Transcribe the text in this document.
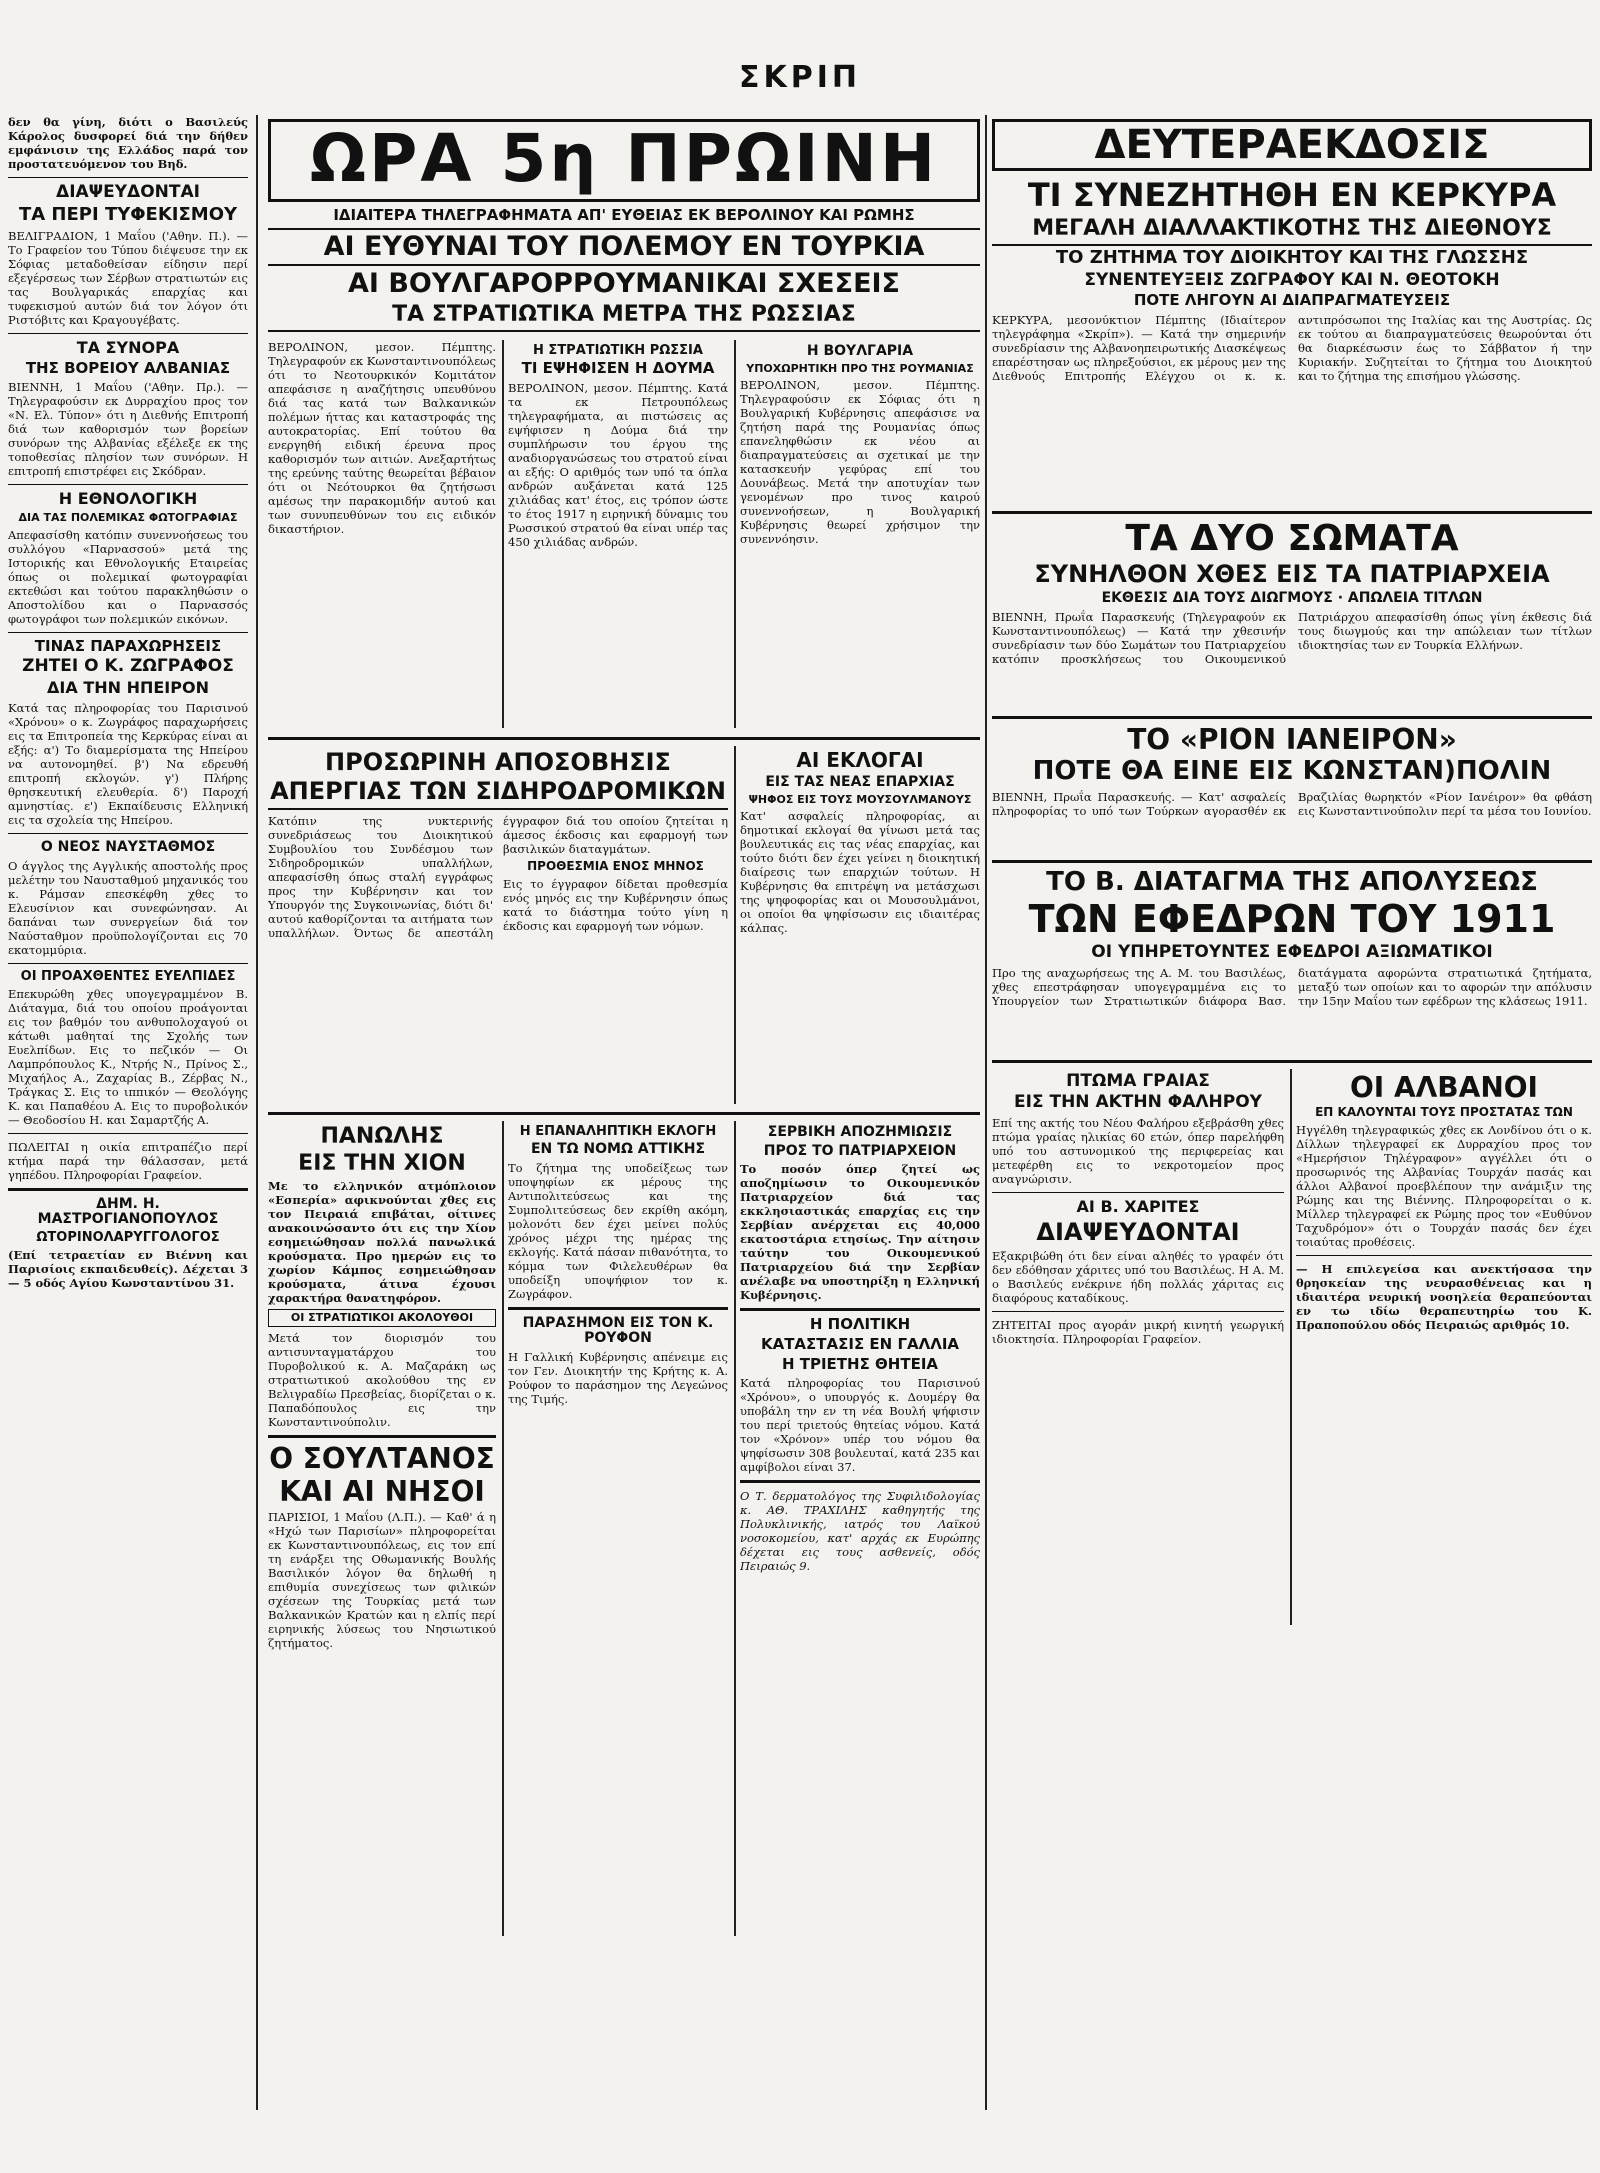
ΣΚΡΙΠ

δεν θα γίνη, διότι ο Βασιλεύς Κάρολος δυσφορεί διά την δήθεν εμφάνισιν της Ελλάδος παρά τον προστατευόμενον του Βηδ.

ΔΙΑΨΕΥΔΟΝΤΑΙ
ΤΑ ΠΕΡΙ ΤΥΦΕΚΙΣΜΟΥ

ΒΕΛΙΓΡΑΔΙΟΝ, 1 Μαΐου ('Αθην. Π.). — Το Γραφείον του Τύπου διέψευσε την εκ Σόφιας μεταδοθείσαν είδησιν περί εξεγέρσεως των Σέρβων στρατιωτών εις τας Βουλγαρικάς επαρχίας και τυφεκισμού αυτών διά τον λόγον ότι Ριστόβιτς και Κραγουγέβατς.

ΤΑ ΣΥΝΟΡΑ
ΤΗΣ ΒΟΡΕΙΟΥ ΑΛΒΑΝΙΑΣ

ΒΙΕΝΝΗ, 1 Μαΐου ('Αθην. Πρ.). — Τηλεγραφούσιν εκ Δυρραχίου προς τον «Ν. Ελ. Τύπον» ότι η Διεθνής Επιτροπή διά των καθορισμόν των βορείων συνόρων της Αλβανίας εξέλεξε εκ της τοποθεσίας πλησίον των συνόρων. Η επιτροπή επιστρέφει εις Σκόδραν.

Η ΕΘΝΟΛΟΓΙΚΗ
ΔΙΑ ΤΑΣ ΠΟΛΕΜΙΚΑΣ ΦΩΤΟΓΡΑΦΙΑΣ

Απεφασίσθη κατόπιν συνεννοήσεως του συλλόγου «Παρνασσού» μετά της Ιστορικής και Εθνολογικής Εταιρείας όπως οι πολεμικαί φωτογραφίαι εκτεθώσι και τούτου παρακληθώσιν ο Αποστολίδου και ο Παρνασσός φωτογράφοι των πολεμικών εικόνων.

ΤΙΝΑΣ ΠΑΡΑΧΩΡΗΣΕΙΣ
ΖΗΤΕΙ Ο Κ. ΖΩΓΡΑΦΟΣ
ΔΙΑ ΤΗΝ ΗΠΕΙΡΟΝ

Κατά τας πληροφορίας του Παρισινού «Χρόνου» ο κ. Ζωγράφος παραχωρήσεις εις τα Επιτροπεία της Κερκύρας είναι αι εξής: α') Το διαμερίσματα της Ηπείρου να αυτονομηθεί. β') Να εδρευθή επιτροπή εκλογών. γ') Πλήρης θρησκευτική ελευθερία. δ') Παροχή αμνηστίας. ε') Εκπαίδευσις Ελληνική εις τα σχολεία της Ηπείρου.

Ο ΝΕΟΣ ΝΑΥΣΤΑΘΜΟΣ

Ο άγγλος της Αγγλικής αποστολής προς μελέτην του Ναυσταθμού μηχανικός του κ. Ράμσαν επεσκέφθη χθες το Ελευσίνιον και συνεφώνησαν. Αι δαπάναι των συνεργείων διά τον Ναύσταθμον προϋπολογίζονται εις 70 εκατομμύρια.

ΟΙ ΠΡΟΑΧΘΕΝΤΕΣ ΕΥΕΛΠΙΔΕΣ

Επεκυρώθη χθες υπογεγραμμένον Β. Διάταγμα, διά του οποίου προάγονται εις τον βαθμόν του ανθυπολοχαγού οι κάτωθι μαθηταί της Σχολής των Ευελπίδων. Εις το πεζικόν — Οι Λαμπρόπουλος Κ., Ντρής Ν., Πρίνος Σ., Μιχαήλος Α., Ζαχαρίας Β., Ζέρβας Ν., Τράγκας Σ. Εις το ιππικόν — Θεολόγης Κ. και Παπαθέου Α. Εις το πυροβολικόν — Θεοδοσίου Η. και Σαμαρτζής Α.

ΠΩΛΕΙΤΑΙ η οικία επιτραπέζιο περί κτήμα παρά την θάλασσαν, μετά γηπέδου. Πληροφορίαι Γραφείον.

ΔΗΜ. Η. ΜΑΣΤΡΟΓΙΑΝΟΠΟΥΛΟΣ
ΩΤΟΡΙΝΟΛΑΡΥΓΓΟΛΟΓΟΣ

(Επί τετραετίαν εν Βιέννη και Παρισίοις εκπαιδευθείς). Δέχεται 3 — 5 οδός Αγίου Κωνσταντίνου 31.

ΩΡΑ 5η ΠΡΩΙΝΗ
ΙΔΙΑΙΤΕΡΑ ΤΗΛΕΓΡΑΦΗΜΑΤΑ ΑΠ' ΕΥΘΕΙΑΣ ΕΚ ΒΕΡΟΛΙΝΟΥ ΚΑΙ ΡΩΜΗΣ
ΑΙ ΕΥΘΥΝΑΙ ΤΟΥ ΠΟΛΕΜΟΥ ΕΝ ΤΟΥΡΚΙΑ
ΑΙ ΒΟΥΛΓΑΡΟΡΡΟΥΜΑΝΙΚΑΙ ΣΧΕΣΕΙΣ
ΤΑ ΣΤΡΑΤΙΩΤΙΚΑ ΜΕΤΡΑ ΤΗΣ ΡΩΣΣΙΑΣ

ΒΕΡΟΛΙΝΟΝ, μεσον. Πέμπτης. Τηλεγραφούν εκ Κωνσταντινουπόλεως ότι το Νεοτουρκικόν Κομιτάτον απεφάσισε η αναζήτησις υπευθύνου διά τας κατά των Βαλκανικών πολέμων ήττας και καταστροφάς της αυτοκρατορίας. Επί τούτου θα ενεργηθή ειδική έρευνα προς καθορισμόν των αιτιών. Ανεξαρτήτως της ερεύνης ταύτης θεωρείται βέβαιον ότι οι Νεότουρκοι θα ζητήσωσι αμέσως την παρακομιδήν αυτού και των συνυπευθύνων του εις ειδικόν δικαστήριον.

Η ΣΤΡΑΤΙΩΤΙΚΗ ΡΩΣΣΙΑ
ΤΙ ΕΨΗΦΙΣΕΝ Η ΔΟΥΜΑ

ΒΕΡΟΛΙΝΟΝ, μεσον. Πέμπτης. Κατά τα εκ Πετρουπόλεως τηλεγραφήματα, αι πιστώσεις ας εψήφισεν η Δούμα διά την συμπλήρωσιν του έργου της αναδιοργανώσεως του στρατού είναι αι εξής: Ο αριθμός των υπό τα όπλα ανδρών αυξάνεται κατά 125 χιλιάδας κατ' έτος, εις τρόπον ώστε το έτος 1917 η ειρηνική δύναμις του Ρωσσικού στρατού θα είναι υπέρ τας 450 χιλιάδας ανδρών.

Η ΒΟΥΛΓΑΡΙΑ
ΥΠΟΧΩΡΗΤΙΚΗ ΠΡΟ ΤΗΣ ΡΟΥΜΑΝΙΑΣ

ΒΕΡΟΛΙΝΟΝ, μεσον. Πέμπτης. Τηλεγραφούσιν εκ Σόφιας ότι η Βουλγαρική Κυβέρνησις απεφάσισε να ζητήση παρά της Ρουμανίας όπως επανεληφθώσιν εκ νέου αι διαπραγματεύσεις αι σχετικαί με την κατασκευήν γεφύρας επί του Δουνάβεως. Μετά την αποτυχίαν των γενομένων προ τινος καιρού συνεννοήσεων, η Βουλγαρική Κυβέρνησις θεωρεί χρήσιμον την συνεννόησιν.

ΠΡΟΣΩΡΙΝΗ ΑΠΟΣΟΒΗΣΙΣ
ΑΠΕΡΓΙΑΣ ΤΩΝ ΣΙΔΗΡΟΔΡΟΜΙΚΩΝ

Κατόπιν της νυκτερινής συνεδριάσεως του Διοικητικού Συμβουλίου του Συνδέσμου των Σιδηροδρομικών υπαλλήλων, απεφασίσθη όπως σταλή εγγράφως προς την Κυβέρνησιν και τον Υπουργόν της Συγκοινωνίας, διότι δι' αυτού καθορίζονται τα αιτήματα των υπαλλήλων. Όντως δε απεστάλη έγγραφον διά του οποίου ζητείται η άμεσος έκδοσις και εφαρμογή των βασιλικών διαταγμάτων.

ΠΡΟΘΕΣΜΙΑ ΕΝΟΣ ΜΗΝΟΣ

Εις το έγγραφον δίδεται προθεσμία ενός μηνός εις την Κυβέρνησιν όπως κατά το διάστημα τούτο γίνη η έκδοσις και εφαρμογή των νόμων.

ΑΙ ΕΚΛΟΓΑΙ
ΕΙΣ ΤΑΣ ΝΕΑΣ ΕΠΑΡΧΙΑΣ
ΨΗΦΟΣ ΕΙΣ ΤΟΥΣ ΜΟΥΣΟΥΛΜΑΝΟΥΣ

Κατ' ασφαλείς πληροφορίας, αι δημοτικαί εκλογαί θα γίνωσι μετά τας βουλευτικάς εις τας νέας επαρχίας, και τούτο διότι δεν έχει γείνει η διοικητική διαίρεσις των επαρχιών τούτων. Η Κυβέρνησις θα επιτρέψη να μετάσχωσι της ψηφοφορίας και οι Μουσουλμάνοι, οι οποίοι θα ψηφίσωσιν εις ιδιαιτέρας κάλπας.

ΠΑΝΩΛΗΣ
ΕΙΣ ΤΗΝ ΧΙΟΝ

Με το ελληνικόν ατμόπλοιον «Εσπερία» αφικνούνται χθες εις τον Πειραιά επιβάται, οίτινες ανακοινώσαντο ότι εις την Χίον εσημειώθησαν πολλά πανωλικά κρούσματα. Προ ημερών εις το χωρίον Κάμπος εσημειώθησαν κρούσματα, άτινα έχουσι χαρακτήρα θανατηφόρον.

ΟΙ ΣΤΡΑΤΙΩΤΙΚΟΙ ΑΚΟΛΟΥΘΟΙ

Μετά τον διορισμόν του αντισυνταγματάρχου του Πυροβολικού κ. Α. Μαζαράκη ως στρατιωτικού ακολούθου της εν Βελιγραδίω Πρεσβείας, διορίζεται ο κ. Παπαδόπουλος εις την Κωνσταντινούπολιν.

Ο ΣΟΥΛΤΑΝΟΣ
ΚΑΙ ΑΙ ΝΗΣΟΙ

ΠΑΡΙΣΙΟΙ, 1 Μαΐου (Λ.Π.). — Καθ' ά η «Ηχώ των Παρισίων» πληροφορείται εκ Κωνσταντινουπόλεως, εις τον επί τη ενάρξει της Οθωμανικής Βουλής Βασιλικόν λόγον θα δηλωθή η επιθυμία συνεχίσεως των φιλικών σχέσεων της Τουρκίας μετά των Βαλκανικών Κρατών και η ελπίς περί ειρηνικής λύσεως του Νησιωτικού ζητήματος.

Η ΕΠΑΝΑΛΗΠΤΙΚΗ ΕΚΛΟΓΗ
ΕΝ ΤΩ ΝΟΜΩ ΑΤΤΙΚΗΣ

Το ζήτημα της υποδείξεως των υποψηφίων εκ μέρους της Αντιπολιτεύσεως και της Συμπολιτεύσεως δεν εκρίθη ακόμη, μολονότι δεν έχει μείνει πολύς χρόνος μέχρι της ημέρας της εκλογής. Κατά πάσαν πιθανότητα, το κόμμα των Φιλελευθέρων θα υποδείξη υποψήφιον τον κ. Ζωγράφον.

ΠΑΡΑΣΗΜΟΝ ΕΙΣ ΤΟΝ Κ. ΡΟΥΦΟΝ

Η Γαλλική Κυβέρνησις απένειμε εις τον Γεν. Διοικητήν της Κρήτης κ. Α. Ρούφον το παράσημον της Λεγεώνος της Τιμής.

ΣΕΡΒΙΚΗ ΑΠΟΖΗΜΙΩΣΙΣ
ΠΡΟΣ ΤΟ ΠΑΤΡΙΑΡΧΕΙΟΝ

Το ποσόν όπερ ζητεί ως αποζημίωσιν το Οικουμενικόν Πατριαρχείον διά τας εκκλησιαστικάς επαρχίας εις την Σερβίαν ανέρχεται εις 40,000 εκατοστάρια ετησίως. Την αίτησιν ταύτην του Οικουμενικού Πατριαρχείου διά την Σερβίαν ανέλαβε να υποστηρίξη η Ελληνική Κυβέρνησις.

Η ΠΟΛΙΤΙΚΗ
ΚΑΤΑΣΤΑΣΙΣ ΕΝ ΓΑΛΛΙΑ
Η ΤΡΙΕΤΗΣ ΘΗΤΕΙΑ

Κατά πληροφορίας του Παρισινού «Χρόνου», ο υπουργός κ. Δουμέργ θα υποβάλη την εν τη νέα Βουλή ψήφισιν του περί τριετούς θητείας νόμου. Κατά τον «Χρόνον» υπέρ του νόμου θα ψηφίσωσιν 308 βουλευταί, κατά 235 και αμφίβολοι είναι 37.

Ο Τ. δερματολόγος της Συφιλιδολογίας κ. ΑΘ. ΤΡΑΧΙΛΗΣ καθηγητής της Πολυκλινικής, ιατρός του Λαϊκού νοσοκομείου, κατ' αρχάς εκ Ευρώπης δέχεται εις τους ασθενείς, οδός Πειραιώς 9.

ΔΕΥΤΕΡΑΕΚΔΟΣΙΣ
ΤΙ ΣΥΝΕΖΗΤΗΘΗ ΕΝ ΚΕΡΚΥΡΑ
ΜΕΓΑΛΗ ΔΙΑΛΛΑΚΤΙΚΟΤΗΣ ΤΗΣ ΔΙΕΘΝΟΥΣ
ΤΟ ΖΗΤΗΜΑ ΤΟΥ ΔΙΟΙΚΗΤΟΥ ΚΑΙ ΤΗΣ ΓΛΩΣΣΗΣ
ΣΥΝΕΝΤΕΥΞΕΙΣ ΖΩΓΡΑΦΟΥ ΚΑΙ Ν. ΘΕΟΤΟΚΗ
ΠΟΤΕ ΛΗΓΟΥΝ ΑΙ ΔΙΑΠΡΑΓΜΑΤΕΥΣΕΙΣ

ΚΕΡΚΥΡΑ, μεσονύκτιον Πέμπτης (Ιδιαίτερον τηλεγράφημα «Σκρίπ»). — Κατά την σημερινήν συνεδρίασιν της Αλβανοηπειρωτικής Διασκέψεως επαρέστησαν ως πληρεξούσιοι, εκ μέρους μεν της Διεθνούς Επιτροπής Ελέγχου οι κ. κ. αντιπρόσωποι της Ιταλίας και της Αυστρίας. Ως εκ τούτου αι διαπραγματεύσεις θεωρούνται ότι θα διαρκέσωσιν έως το Σάββατον ή την Κυριακήν. Συζητείται το ζήτημα του Διοικητού και το ζήτημα της επισήμου γλώσσης.

ΤΑ ΔΥΟ ΣΩΜΑΤΑ
ΣΥΝΗΛΘΟΝ ΧΘΕΣ ΕΙΣ ΤΑ ΠΑΤΡΙΑΡΧΕΙΑ
ΕΚΘΕΣΙΣ ΔΙΑ ΤΟΥΣ ΔΙΩΓΜΟΥΣ · ΑΠΩΛΕΙΑ ΤΙΤΛΩΝ

ΒΙΕΝΝΗ, Πρωΐα Παρασκευής (Τηλεγραφούν εκ Κωνσταντινουπόλεως) — Κατά την χθεσινήν συνεδρίασιν των δύο Σωμάτων του Πατριαρχείου κατόπιν προσκλήσεως του Οικουμενικού Πατριάρχου απεφασίσθη όπως γίνη έκθεσις διά τους διωγμούς και την απώλειαν των τίτλων ιδιοκτησίας των εν Τουρκία Ελλήνων.

ΤΟ «ΡΙΟΝ ΙΑΝΕΙΡΟΝ»
ΠΟΤΕ ΘΑ ΕΙΝΕ ΕΙΣ ΚΩΝΣΤΑΝ)ΠΟΛΙΝ

ΒΙΕΝΝΗ, Πρωΐα Παρασκευής. — Κατ' ασφαλείς πληροφορίας το υπό των Τούρκων αγορασθέν εκ Βραζιλίας θωρηκτόν «Ρίον Ιανέιρον» θα φθάση εις Κωνσταντινούπολιν περί τα μέσα του Ιουνίου.

ΤΟ Β. ΔΙΑΤΑΓΜΑ ΤΗΣ ΑΠΟΛΥΣΕΩΣ
ΤΩΝ ΕΦΕΔΡΩΝ ΤΟΥ 1911
ΟΙ ΥΠΗΡΕΤΟΥΝΤΕΣ ΕΦΕΔΡΟΙ ΑΞΙΩΜΑΤΙΚΟΙ

Προ της αναχωρήσεως της Α. Μ. του Βασιλέως, χθες επεστράφησαν υπογεγραμμένα εις το Υπουργείον των Στρατιωτικών διάφορα Βασ. διατάγματα αφορώντα στρατιωτικά ζητήματα, μεταξύ των οποίων και το αφορών την απόλυσιν την 15ην Μαΐου των εφέδρων της κλάσεως 1911.

ΠΤΩΜΑ ΓΡΑΙΑΣ
ΕΙΣ ΤΗΝ ΑΚΤΗΝ ΦΑΛΗΡΟΥ

Επί της ακτής του Νέου Φαλήρου εξεβράσθη χθες πτώμα γραίας ηλικίας 60 ετών, όπερ παρελήφθη υπό του αστυνομικού της περιφερείας και μετεφέρθη εις το νεκροτομείον προς αναγνώρισιν.

ΑΙ Β. ΧΑΡΙΤΕΣ
ΔΙΑΨΕΥΔΟΝΤΑΙ

Εξακριβώθη ότι δεν είναι αληθές το γραφέν ότι δεν εδόθησαν χάριτες υπό του Βασιλέως. Η Α. Μ. ο Βασιλεύς ενέκρινε ήδη πολλάς χάριτας εις διαφόρους καταδίκους.

ΖΗΤΕΙΤΑΙ προς αγοράν μικρή κινητή γεωργική ιδιοκτησία. Πληροφορίαι Γραφείον.

ΟΙ ΑΛΒΑΝΟΙ
ΕΠ ΚΑΛΟΥΝΤΑΙ ΤΟΥΣ ΠΡΟΣΤΑΤΑΣ ΤΩΝ

Ηγγέλθη τηλεγραφικώς χθες εκ Λονδίνου ότι ο κ. Δίλλων τηλεγραφεί εκ Δυρραχίου προς τον «Ημερήσιον Τηλέγραφον» αγγέλλει ότι ο προσωρινός της Αλβανίας Τουρχάν πασάς και άλλοι Αλβανοί προεβλέπουν την ανάμιξιν της Ρώμης και της Βιέννης. Πληροφορείται ο κ. Μίλλερ τηλεγραφεί εκ Ρώμης προς τον «Ευθύνον Ταχυδρόμον» ότι ο Τουρχάν πασάς δεν έχει τοιαύτας προθέσεις.

— Η επιλεγείσα και ανεκτήσασα την θρησκείαν της νευρασθένειας και η ιδιαιτέρα νευρική νοσηλεία θεραπεύονται εν τω ιδίω θεραπευτηρίω του Κ. Πραποπούλου οδός Πειραιώς αριθμός 10.
